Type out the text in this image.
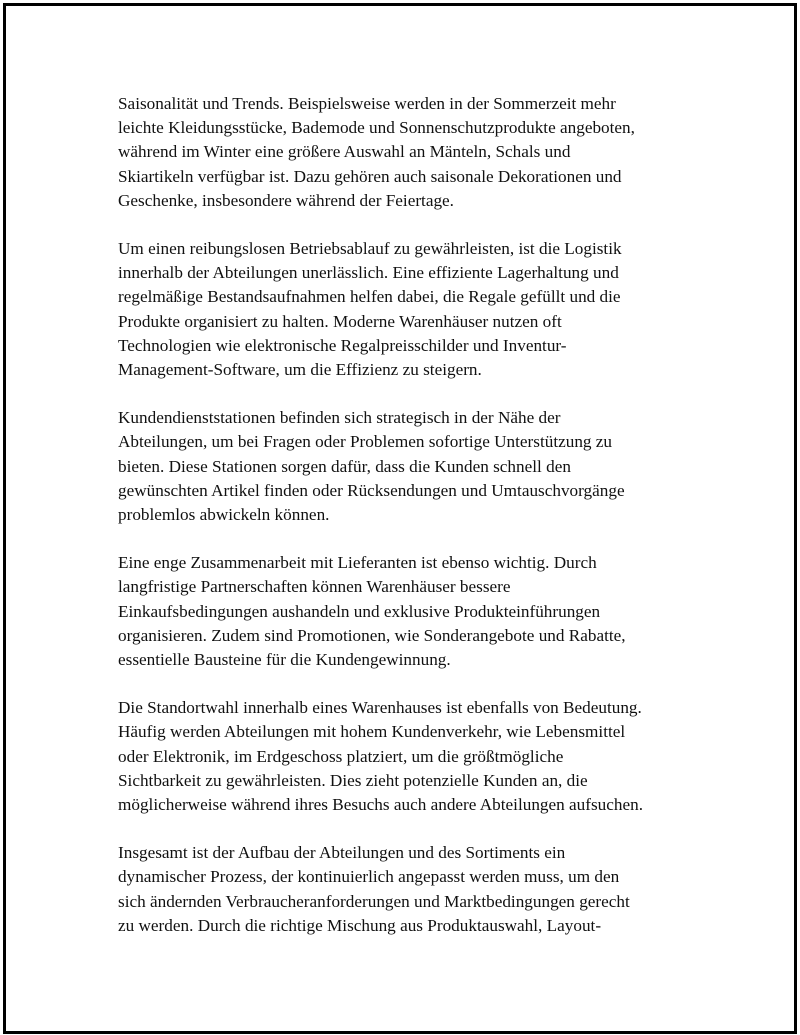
Saisonalität und Trends. Beispielsweise werden in der Sommerzeit mehr
leichte Kleidungsstücke, Bademode und Sonnenschutzprodukte angeboten,
während im Winter eine größere Auswahl an Mänteln, Schals und
Skiartikeln verfügbar ist. Dazu gehören auch saisonale Dekorationen und
Geschenke, insbesondere während der Feiertage.

Um einen reibungslosen Betriebsablauf zu gewährleisten, ist die Logistik
innerhalb der Abteilungen unerlässlich. Eine effiziente Lagerhaltung und
regelmäßige Bestandsaufnahmen helfen dabei, die Regale gefüllt und die
Produkte organisiert zu halten. Moderne Warenhäuser nutzen oft
Technologien wie elektronische Regalpreisschilder und Inventur-
Management-Software, um die Effizienz zu steigern.

Kundendienststationen befinden sich strategisch in der Nähe der
Abteilungen, um bei Fragen oder Problemen sofortige Unterstützung zu
bieten. Diese Stationen sorgen dafür, dass die Kunden schnell den
gewünschten Artikel finden oder Rücksendungen und Umtauschvorgänge
problemlos abwickeln können.

Eine enge Zusammenarbeit mit Lieferanten ist ebenso wichtig. Durch
langfristige Partnerschaften können Warenhäuser bessere
Einkaufsbedingungen aushandeln und exklusive Produkteinführungen
organisieren. Zudem sind Promotionen, wie Sonderangebote und Rabatte,
essentielle Bausteine für die Kundengewinnung.

Die Standortwahl innerhalb eines Warenhauses ist ebenfalls von Bedeutung.
Häufig werden Abteilungen mit hohem Kundenverkehr, wie Lebensmittel
oder Elektronik, im Erdgeschoss platziert, um die größtmögliche
Sichtbarkeit zu gewährleisten. Dies zieht potenzielle Kunden an, die
möglicherweise während ihres Besuchs auch andere Abteilungen aufsuchen.

Insgesamt ist der Aufbau der Abteilungen und des Sortiments ein
dynamischer Prozess, der kontinuierlich angepasst werden muss, um den
sich ändernden Verbraucheranforderungen und Marktbedingungen gerecht
zu werden. Durch die richtige Mischung aus Produktauswahl, Layout-
